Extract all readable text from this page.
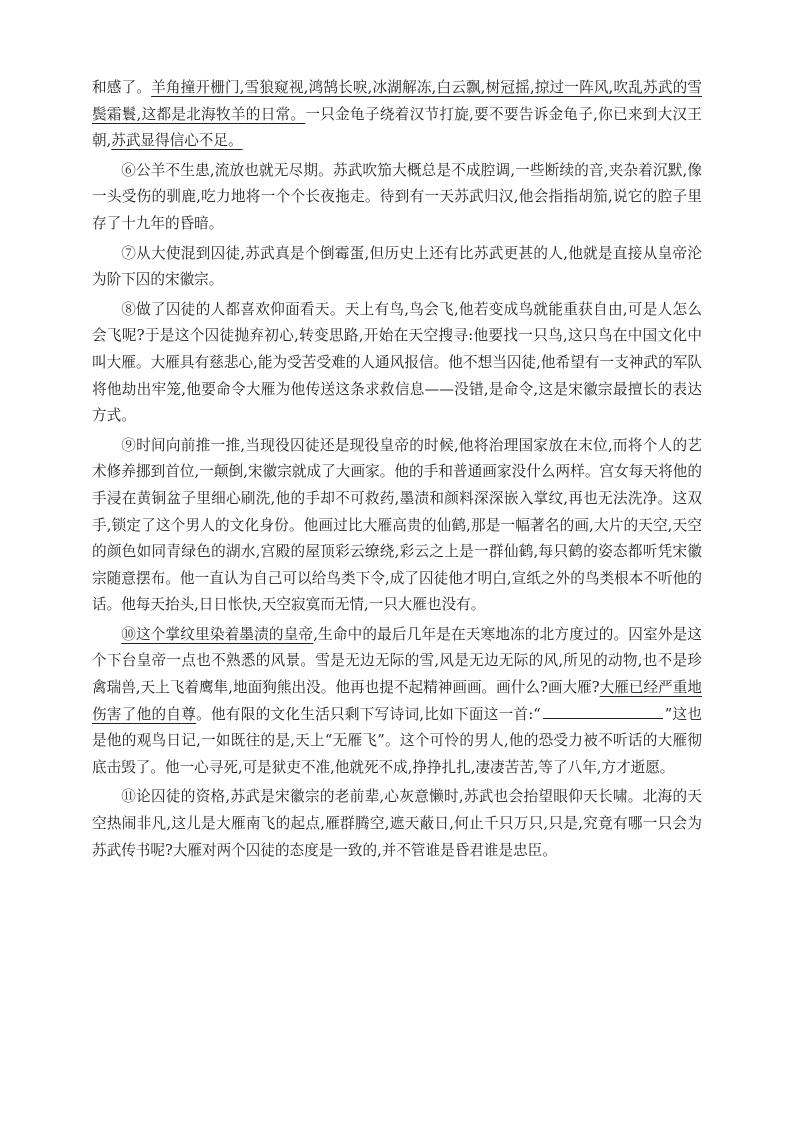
和感了。羊角撞开栅门,雪狼窥视,鸿鹄长唳,冰湖解冻,白云飘,树冠摇,掠过一阵风,吹乱苏武的雪鬓霜鬟,这都是北海牧羊的日常。一只金龟子绕着汉节打旋,要不要告诉金龟子,你已来到大汉王朝,苏武显得信心不足。

⑥公羊不生患,流放也就无尽期。苏武吹笳大概总是不成腔调,一些断续的音,夹杂着沉默,像一头受伤的驯鹿,吃力地将一个个长夜拖走。待到有一天苏武归汉,他会指指胡笳,说它的腔子里存了十九年的昏暗。

⑦从大使混到囚徒,苏武真是个倒霉蛋,但历史上还有比苏武更甚的人,他就是直接从皇帝沦为阶下囚的宋徽宗。

⑧做了囚徒的人都喜欢仰面看天。天上有鸟,鸟会飞,他若变成鸟就能重获自由,可是人怎么会飞呢?于是这个囚徒抛弃初心,转变思路,开始在天空搜寻:他要找一只鸟,这只鸟在中国文化中叫大雁。大雁具有慈悲心,能为受苦受难的人通风报信。他不想当囚徒,他希望有一支神武的军队将他劫出牢笼,他要命令大雁为他传送这条求救信息——没错,是命令,这是宋徽宗最擅长的表达方式。

⑨时间向前推一推,当现役囚徒还是现役皇帝的时候,他将治理国家放在末位,而将个人的艺术修养挪到首位,一颠倒,宋徽宗就成了大画家。他的手和普通画家没什么两样。宫女每天将他的手浸在黄铜盆子里细心刷洗,他的手却不可救药,墨渍和颜料深深嵌入掌纹,再也无法洗净。这双手,锁定了这个男人的文化身份。他画过比大雁高贵的仙鹤,那是一幅著名的画,大片的天空,天空的颜色如同青绿色的湖水,宫殿的屋顶彩云缭绕,彩云之上是一群仙鹤,每只鹤的姿态都听凭宋徽宗随意摆布。他一直认为自己可以给鸟类下令,成了囚徒他才明白,宣纸之外的鸟类根本不听他的话。他每天抬头,日日怅快,天空寂寞而无情,一只大雁也没有。

⑩这个掌纹里染着墨渍的皇帝,生命中的最后几年是在天寒地冻的北方度过的。囚室外是这个下台皇帝一点也不熟悉的风景。雪是无边无际的雪,风是无边无际的风,所见的动物,也不是珍禽瑞兽,天上飞着鹰隼,地面狗熊出没。他再也提不起精神画画。画什么?画大雁?大雁已经严重地伤害了他的自尊。他有限的文化生活只剩下写诗词,比如下面这一首:“	”这也是他的观鸟日记,一如既往的是,天上“无雁飞”。这个可怜的男人,他的恐受力被不听话的大雁彻底击毁了。他一心寻死,可是狱吏不准,他就死不成,挣挣扎扎,凄凄苦苦,等了八年,方才逝愿。

⑪论囚徒的资格,苏武是宋徽宗的老前辈,心灰意懒时,苏武也会抬望眼仰天长啸。北海的天空热闹非凡,这儿是大雁南飞的起点,雁群腾空,遮天蔽日,何止千只万只,只是,究竟有哪一只会为苏武传书呢?大雁对两个囚徒的态度是一致的,并不管谁是昏君谁是忠臣。
